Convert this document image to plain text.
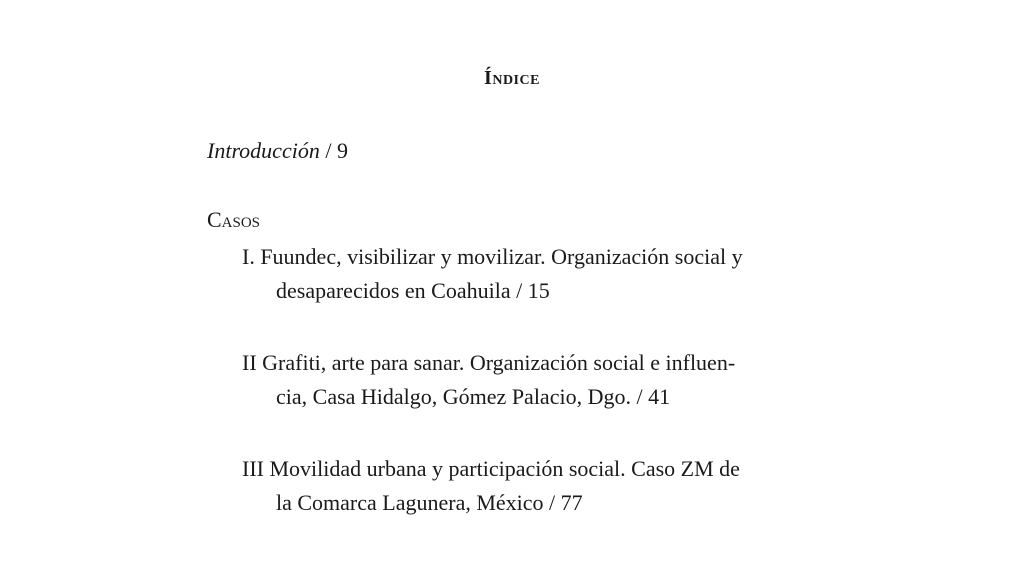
Índice
Introducción / 9
Casos
I. Fuundec, visibilizar y movilizar. Organización social y
desaparecidos en Coahuila / 15
II Grafiti, arte para sanar. Organización social e influen-
cia, Casa Hidalgo, Gómez Palacio, Dgo. / 41
III Movilidad urbana y participación social. Caso ZM de
la Comarca Lagunera, México / 77
